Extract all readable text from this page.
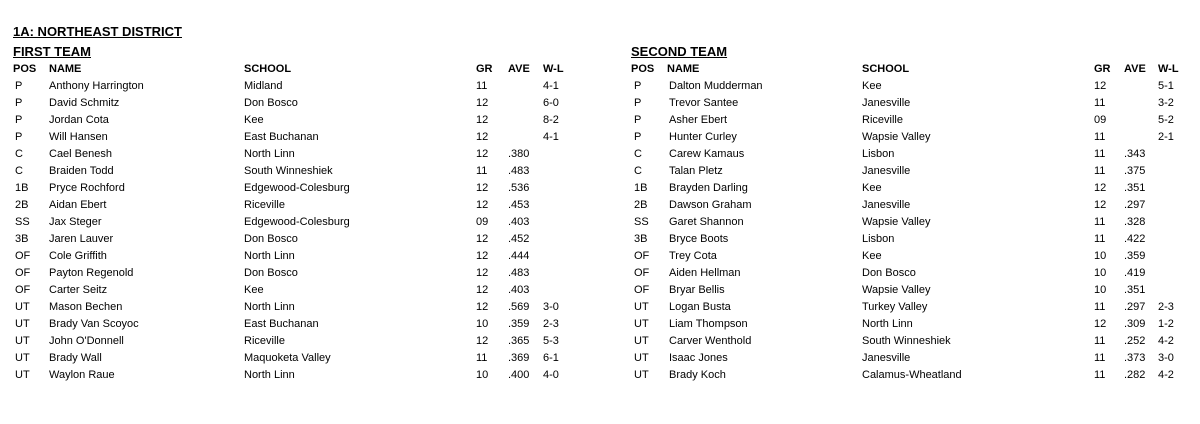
1A: NORTHEAST DISTRICT
FIRST TEAM
POS NAME	SCHOOL	GR AVE W-L
P Anthony Harrington	Midland	11	4-1
P David Schmitz	Don Bosco	12	6-0
P Jordan Cota	Kee	12	8-2
P Will Hansen	East Buchanan	12	4-1
C Cael Benesh	North Linn	12 .380
C Braiden Todd	South Winneshiek	11 .483
1B Pryce Rochford	Edgewood-Colesburg	12 .536
2B Aidan Ebert	Riceville	12 .453
SS Jax Steger	Edgewood-Colesburg	09 .403
3B Jaren Lauver	Don Bosco	12 .452
OF Cole Griffith	North Linn	12 .444
OF Payton Regenold	Don Bosco	12 .483
OF Carter Seitz	Kee	12 .403
UT Mason Bechen	North Linn	12 .569 3-0
UT Brady Van Scoyoc	East Buchanan	10 .359 2-3
UT John O'Donnell	Riceville	12 .365 5-3
UT Brady Wall	Maquoketa Valley	11 .369 6-1
UT Waylon Raue	North Linn	10 .400 4-0
SECOND TEAM
POS NAME	SCHOOL	GR AVE W-L
P	Dalton Mudderman	Kee	12	5-1
P	Trevor Santee	Janesville	11	3-2
P	Asher Ebert	Riceville	09	5-2
P	Hunter Curley	Wapsie Valley	11	2-1
C Carew Kamaus	Lisbon	11 .343
C Talan Pletz	Janesville	11 .375
1B Brayden Darling	Kee	12 .351
2B Dawson Graham	Janesville	12 .297
SS Garet Shannon	Wapsie Valley	11 .328
3B Bryce Boots	Lisbon	11 .422
OF Trey Cota	Kee	10 .359
OF Aiden Hellman	Don Bosco	10 .419
OF Bryar Bellis	Wapsie Valley	10 .351
UT Logan Busta	Turkey Valley	11 .297 2-3
UT Liam Thompson	North Linn	12 .309 1-2
UT Carver Wenthold	South Winneshiek	11 .252 4-2
UT Isaac Jones	Janesville	11 .373 3-0
UT Brady Koch	Calamus-Wheatland	11 .282 4-2
